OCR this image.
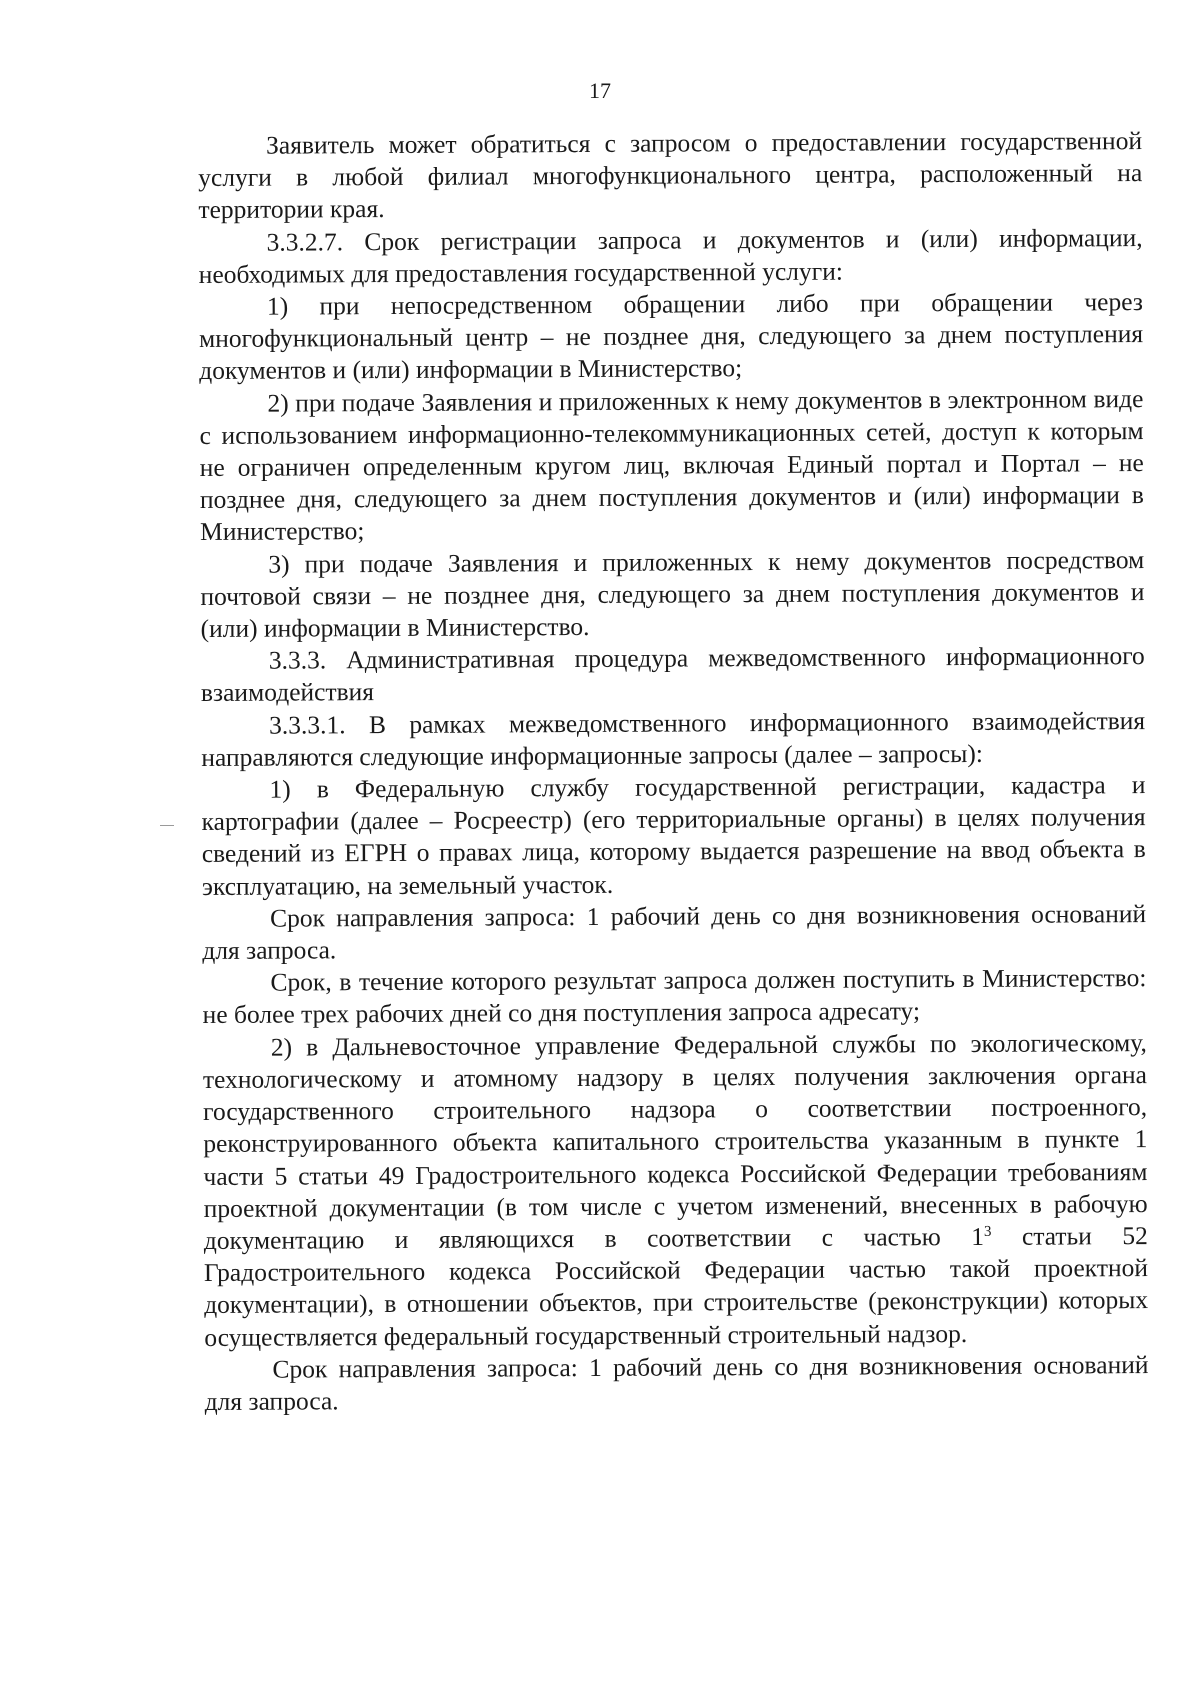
17

Заявитель может обратиться с запросом о предоставлении государственной услуги в любой филиал многофункционального центра, расположенный на территории края.

3.3.2.7. Срок регистрации запроса и документов и (или) информации, необходимых для предоставления государственной услуги:

1) при непосредственном обращении либо при обращении через многофункциональный центр – не позднее дня, следующего за днем поступления документов и (или) информации в Министерство;

2) при подаче Заявления и приложенных к нему документов в электронном виде с использованием информационно-телекоммуникационных сетей, доступ к которым не ограничен определенным кругом лиц, включая Единый портал и Портал – не позднее дня, следующего за днем поступления документов и (или) информации в Министерство;

3) при подаче Заявления и приложенных к нему документов посредством почтовой связи – не позднее дня, следующего за днем поступления документов и (или) информации в Министерство.

3.3.3. Административная процедура межведомственного информационного взаимодействия

3.3.3.1. В рамках межведомственного информационного взаимодействия направляются следующие информационные запросы (далее – запросы):

1) в Федеральную службу государственной регистрации, кадастра и картографии (далее – Росреестр) (его территориальные органы) в целях получения сведений из ЕГРН о правах лица, которому выдается разрешение на ввод объекта в эксплуатацию, на земельный участок.

Срок направления запроса: 1 рабочий день со дня возникновения оснований для запроса.

Срок, в течение которого результат запроса должен поступить в Министерство: не более трех рабочих дней со дня поступления запроса адресату;

2) в Дальневосточное управление Федеральной службы по экологическому, технологическому и атомному надзору в целях получения заключения органа государственного строительного надзора о соответствии построенного, реконструированного объекта капитального строительства указанным в пункте 1 части 5 статьи 49 Градостроительного кодекса Российской Федерации требованиям проектной документации (в том числе с учетом изменений, внесенных в рабочую документацию и являющихся в соответствии с частью $1^3$ статьи 52 Градостроительного кодекса Российской Федерации частью такой проектной документации), в отношении объектов, при строительстве (реконструкции) которых осуществляется федеральный государственный строительный надзор.

Срок направления запроса: 1 рабочий день со дня возникновения оснований для запроса.
